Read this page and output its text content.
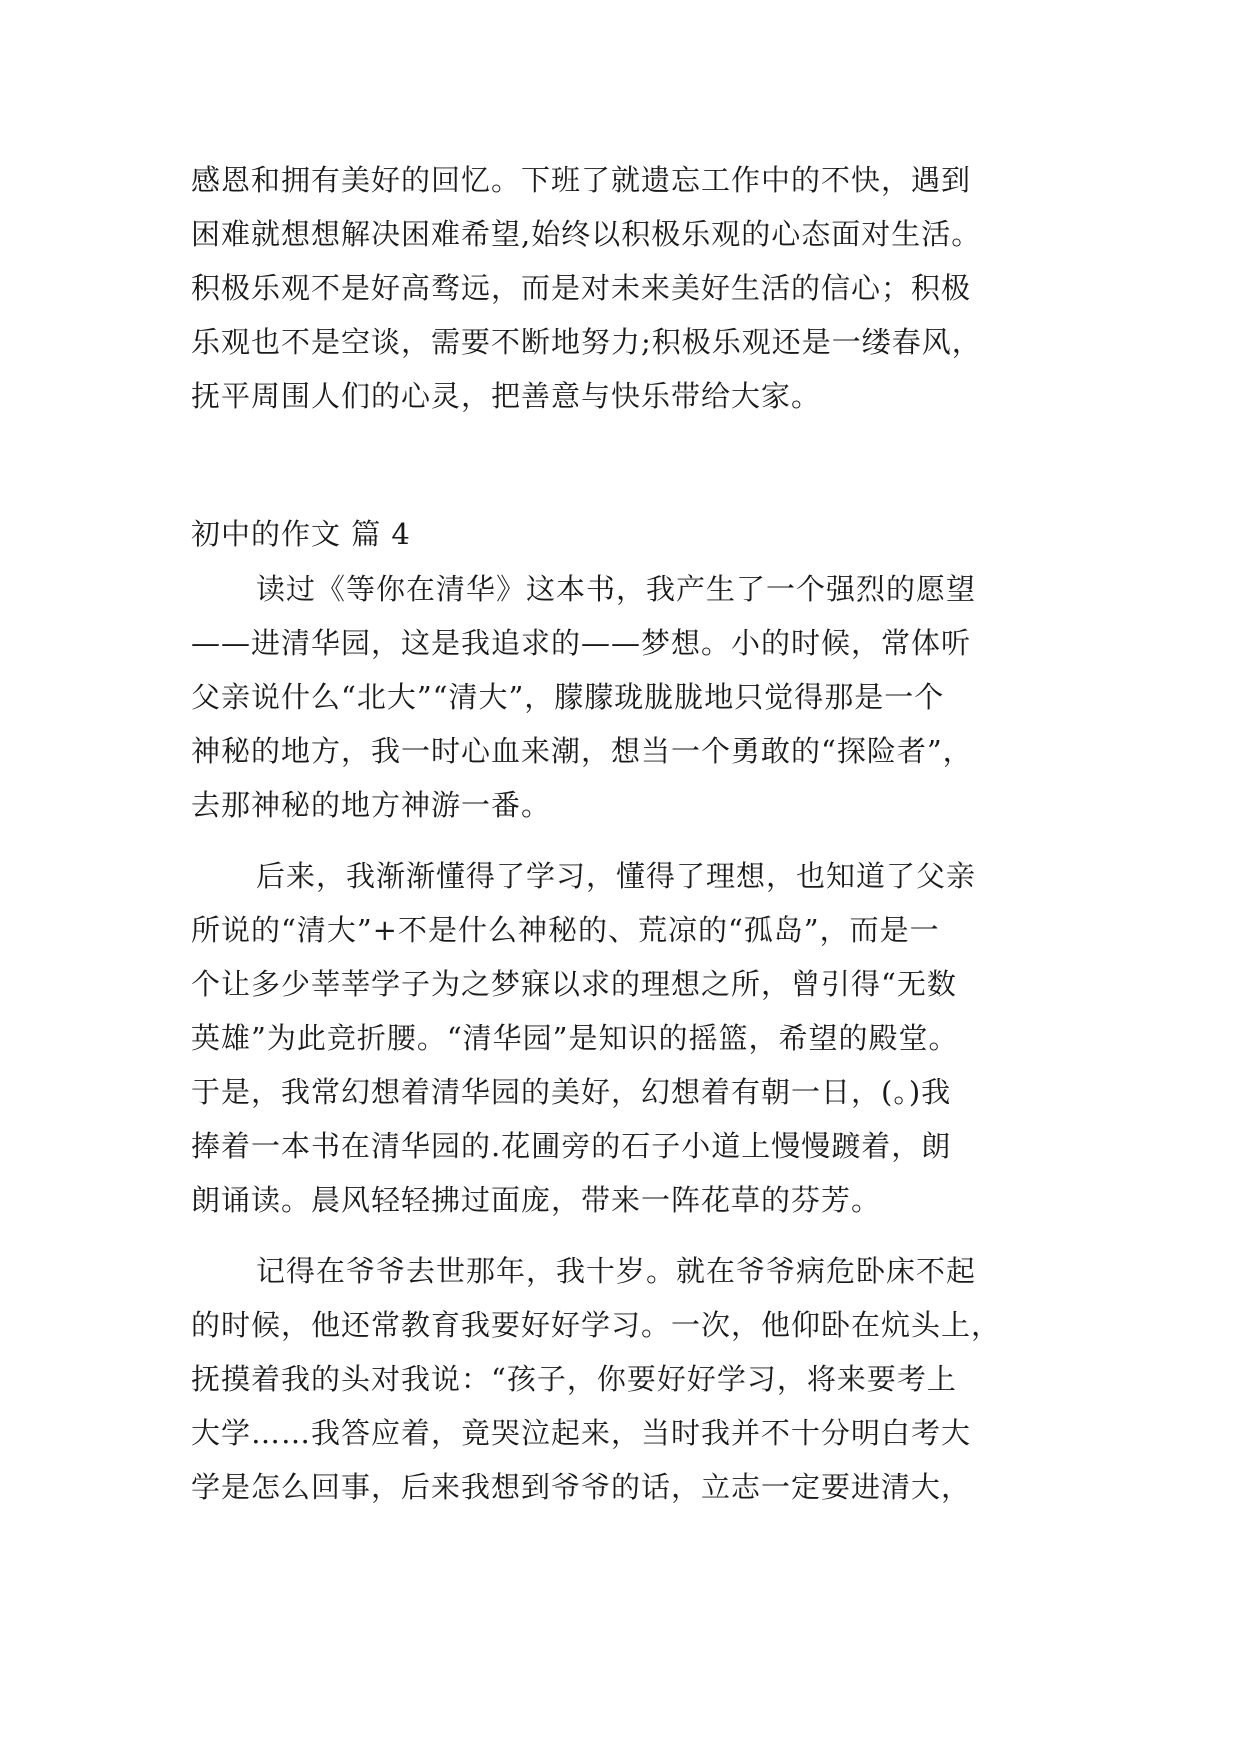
感恩和拥有美好的回忆。下班了就遗忘工作中的不快，遇到
困难就想想解决困难希望,始终以积极乐观的心态面对生活。
积极乐观不是好高骛远，而是对未来美好生活的信心；积极
乐观也不是空谈，需要不断地努力;积极乐观还是一缕春风，
抚平周围人们的心灵，把善意与快乐带给大家。
初中的作文 篇 4
读过《等你在清华》这本书，我产生了一个强烈的愿望
——进清华园，这是我追求的——梦想。小的时候，常体听
父亲说什么“北大”“清大”，朦朦珑胧胧地只觉得那是一个
神秘的地方，我一时心血来潮，想当一个勇敢的“探险者”，
去那神秘的地方神游一番。
后来，我渐渐懂得了学习，懂得了理想，也知道了父亲
所说的“清大”+不是什么神秘的、荒凉的“孤岛”，而是一
个让多少莘莘学子为之梦寐以求的理想之所，曾引得“无数
英雄”为此竞折腰。“清华园”是知识的摇篮，希望的殿堂。
于是，我常幻想着清华园的美好，幻想着有朝一日，(。)我
捧着一本书在清华园的.花圃旁的石子小道上慢慢踱着，朗
朗诵读。晨风轻轻拂过面庞，带来一阵花草的芬芳。
记得在爷爷去世那年，我十岁。就在爷爷病危卧床不起
的时候，他还常教育我要好好学习。一次，他仰卧在炕头上，
抚摸着我的头对我说：“孩子，你要好好学习，将来要考上
大学……我答应着，竟哭泣起来，当时我并不十分明白考大
学是怎么回事，后来我想到爷爷的话，立志一定要进清大，
